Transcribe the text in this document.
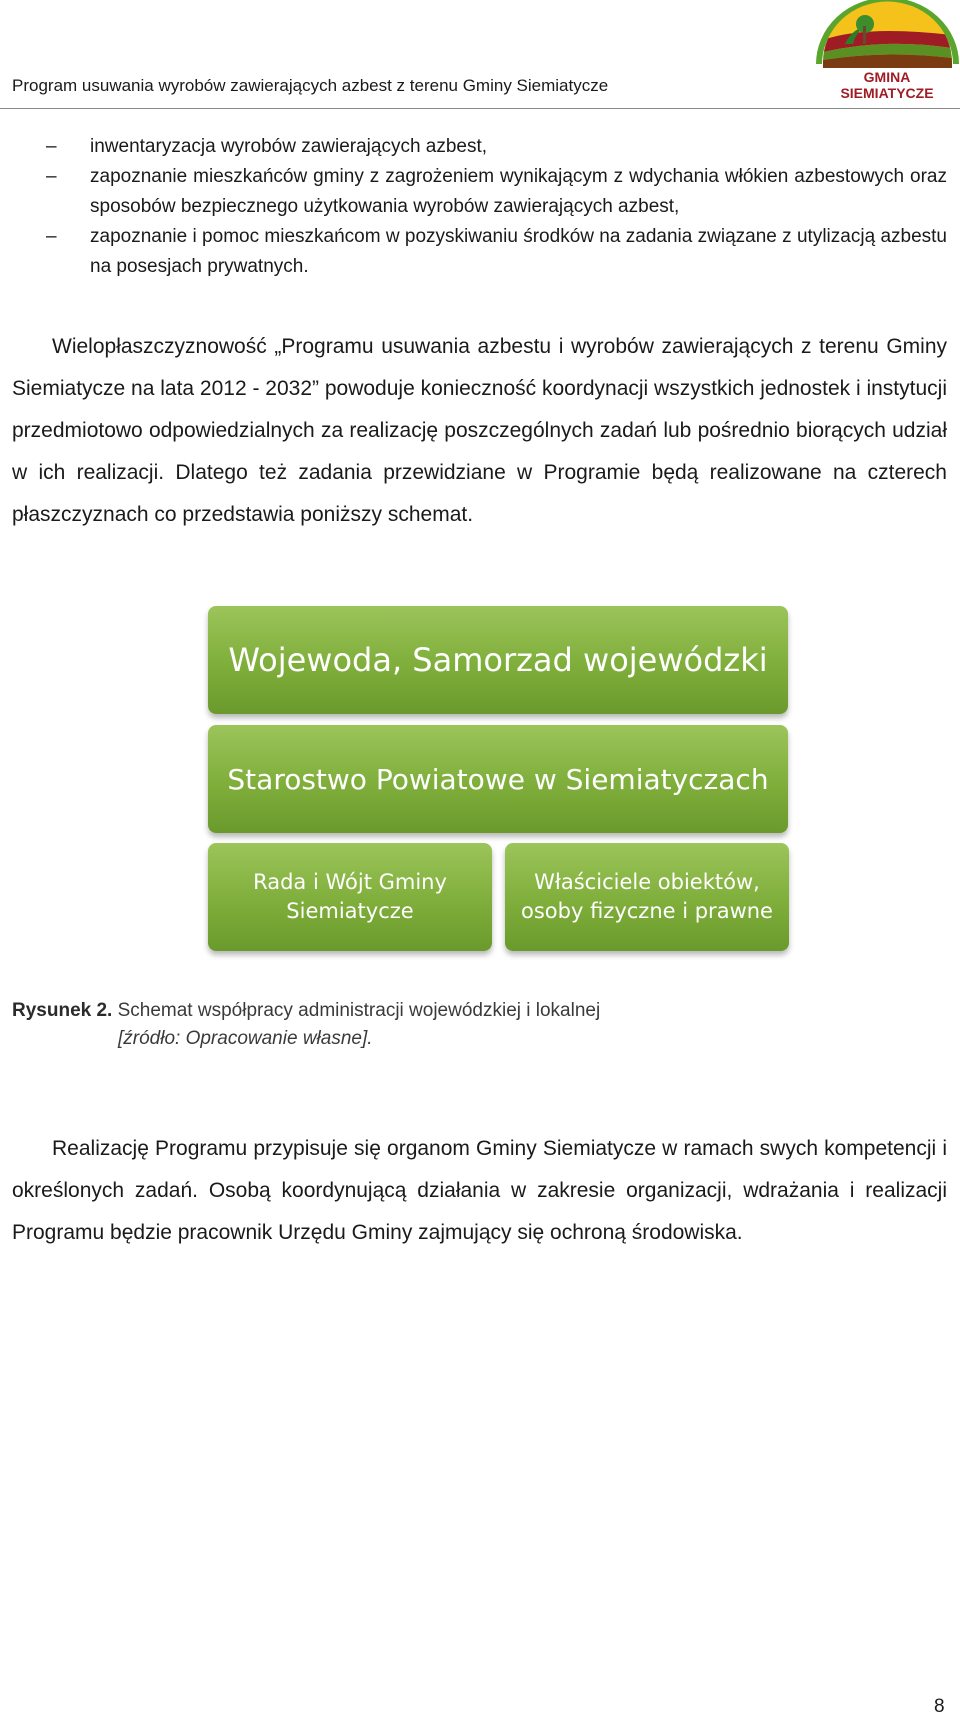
Program usuwania wyrobów zawierających azbest z terenu Gminy Siemiatycze	GMINA
SIEMIATYCZE
–	inwentaryzacja wyrobów zawierających azbest,
–	zapoznanie mieszkańców gminy z zagrożeniem wynikającym z wdychania włókien azbestowych oraz sposobów bezpiecznego użytkowania wyrobów zawierających azbest,
–	zapoznanie i pomoc mieszkańcom w pozyskiwaniu środków na zadania związane z utylizacją azbestu na posesjach prywatnych.

Wielopłaszczyznowość „Programu usuwania azbestu i wyrobów zawierających z terenu Gminy Siemiatycze na lata 2012 - 2032” powoduje konieczność koordynacji wszystkich jednostek i instytucji przedmiotowo odpowiedzialnych za realizację poszczególnych zadań lub pośrednio biorących udział w ich realizacji. Dlatego też zadania przewidziane w Programie będą realizowane na czterech płaszczyznach co przedstawia poniższy schemat.

Wojewoda, Samorzad wojewódzki
Starostwo Powiatowe w Siemiatyczach
Rada i Wójt Gminy
Siemiatycze
Właściciele obiektów,
osoby fizyczne i prawne
Rysunek 2. Schemat współpracy administracji wojewódzkiej i lokalnej
[źródło: Opracowanie własne].

Realizację Programu przypisuje się organom Gminy Siemiatycze w ramach swych kompetencji i określonych zadań. Osobą koordynującą działania w zakresie organizacji, wdrażania i realizacji Programu będzie pracownik Urzędu Gminy zajmujący się ochroną środowiska.

8
